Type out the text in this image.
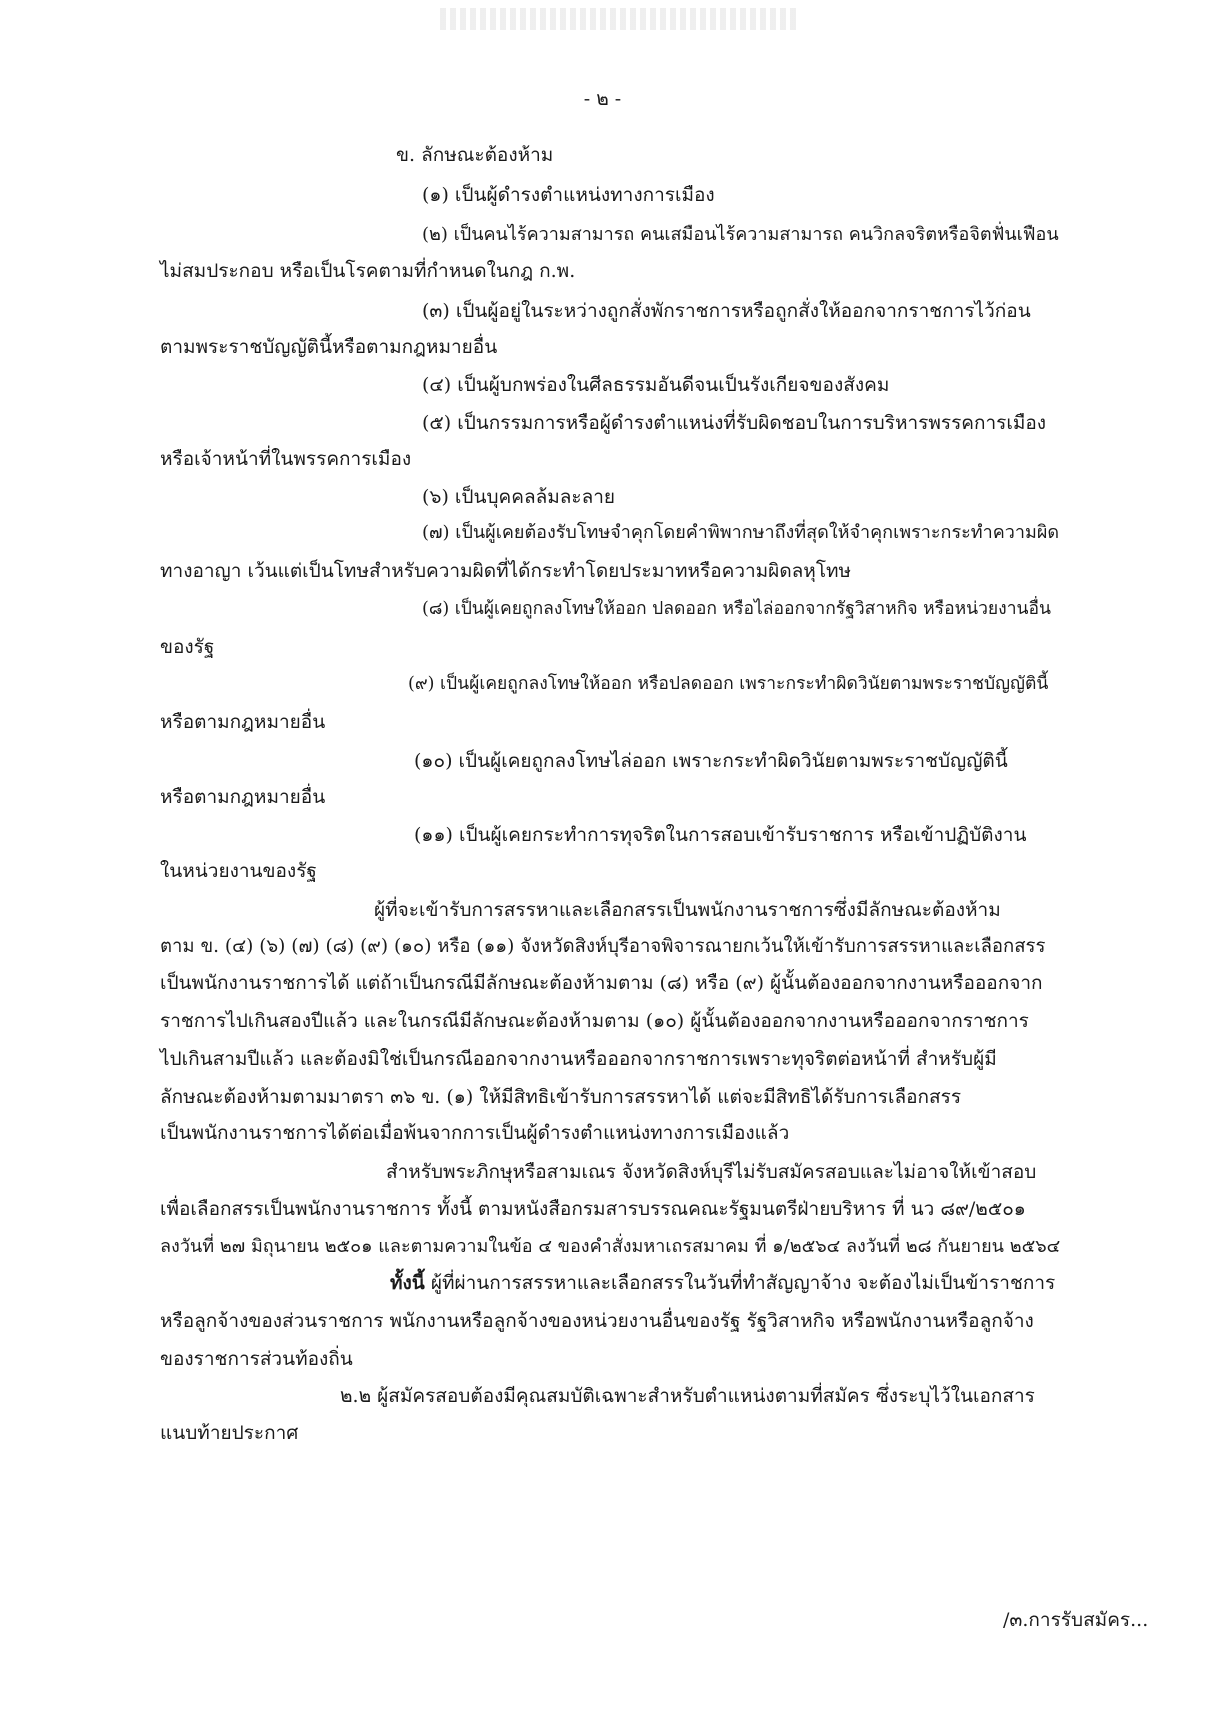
- ๒ -
ข. ลักษณะต้องห้าม
(๑) เป็นผู้ดำรงตำแหน่งทางการเมือง
(๒) เป็นคนไร้ความสามารถ คนเสมือนไร้ความสามารถ คนวิกลจริตหรือจิตฟั่นเฟือน
ไม่สมประกอบ หรือเป็นโรคตามที่กำหนดในกฎ ก.พ.
(๓) เป็นผู้อยู่ในระหว่างถูกสั่งพักราชการหรือถูกสั่งให้ออกจากราชการไว้ก่อน
ตามพระราชบัญญัตินี้หรือตามกฎหมายอื่น
(๔) เป็นผู้บกพร่องในศีลธรรมอันดีจนเป็นรังเกียจของสังคม
(๕) เป็นกรรมการหรือผู้ดำรงตำแหน่งที่รับผิดชอบในการบริหารพรรคการเมือง
หรือเจ้าหน้าที่ในพรรคการเมือง
(๖) เป็นบุคคลล้มละลาย
(๗) เป็นผู้เคยต้องรับโทษจำคุกโดยคำพิพากษาถึงที่สุดให้จำคุกเพราะกระทำความผิด
ทางอาญา เว้นแต่เป็นโทษสำหรับความผิดที่ได้กระทำโดยประมาทหรือความผิดลหุโทษ
(๘) เป็นผู้เคยถูกลงโทษให้ออก ปลดออก หรือไล่ออกจากรัฐวิสาหกิจ หรือหน่วยงานอื่น
ของรัฐ
(๙) เป็นผู้เคยถูกลงโทษให้ออก หรือปลดออก เพราะกระทำผิดวินัยตามพระราชบัญญัตินี้
หรือตามกฎหมายอื่น
(๑๐) เป็นผู้เคยถูกลงโทษไล่ออก เพราะกระทำผิดวินัยตามพระราชบัญญัตินี้
หรือตามกฎหมายอื่น
(๑๑) เป็นผู้เคยกระทำการทุจริตในการสอบเข้ารับราชการ หรือเข้าปฏิบัติงาน
ในหน่วยงานของรัฐ
ผู้ที่จะเข้ารับการสรรหาและเลือกสรรเป็นพนักงานราชการซึ่งมีลักษณะต้องห้าม
ตาม ข. (๔) (๖) (๗) (๘) (๙) (๑๐) หรือ (๑๑) จังหวัดสิงห์บุรีอาจพิจารณายกเว้นให้เข้ารับการสรรหาและเลือกสรร
เป็นพนักงานราชการได้ แต่ถ้าเป็นกรณีมีลักษณะต้องห้ามตาม (๘) หรือ (๙) ผู้นั้นต้องออกจากงานหรือออกจาก
ราชการไปเกินสองปีแล้ว และในกรณีมีลักษณะต้องห้ามตาม (๑๐) ผู้นั้นต้องออกจากงานหรือออกจากราชการ
ไปเกินสามปีแล้ว และต้องมิใช่เป็นกรณีออกจากงานหรือออกจากราชการเพราะทุจริตต่อหน้าที่ สำหรับผู้มี
ลักษณะต้องห้ามตามมาตรา ๓๖ ข. (๑) ให้มีสิทธิเข้ารับการสรรหาได้ แต่จะมีสิทธิได้รับการเลือกสรร
เป็นพนักงานราชการได้ต่อเมื่อพ้นจากการเป็นผู้ดำรงตำแหน่งทางการเมืองแล้ว
สำหรับพระภิกษุหรือสามเณร จังหวัดสิงห์บุรีไม่รับสมัครสอบและไม่อาจให้เข้าสอบ
เพื่อเลือกสรรเป็นพนักงานราชการ ทั้งนี้ ตามหนังสือกรมสารบรรณคณะรัฐมนตรีฝ่ายบริหาร ที่ นว ๘๙/๒๕๐๑
ลงวันที่ ๒๗ มิถุนายน ๒๕๐๑ และตามความในข้อ ๔ ของคำสั่งมหาเถรสมาคม ที่ ๑/๒๕๖๔ ลงวันที่ ๒๘ กันยายน ๒๕๖๔
ทั้งนี้ ผู้ที่ผ่านการสรรหาและเลือกสรรในวันที่ทำสัญญาจ้าง จะต้องไม่เป็นข้าราชการ
หรือลูกจ้างของส่วนราชการ พนักงานหรือลูกจ้างของหน่วยงานอื่นของรัฐ รัฐวิสาหกิจ หรือพนักงานหรือลูกจ้าง
ของราชการส่วนท้องถิ่น
๒.๒ ผู้สมัครสอบต้องมีคุณสมบัติเฉพาะสำหรับตำแหน่งตามที่สมัคร ซึ่งระบุไว้ในเอกสาร
แนบท้ายประกาศ
/๓.การรับสมัคร...
